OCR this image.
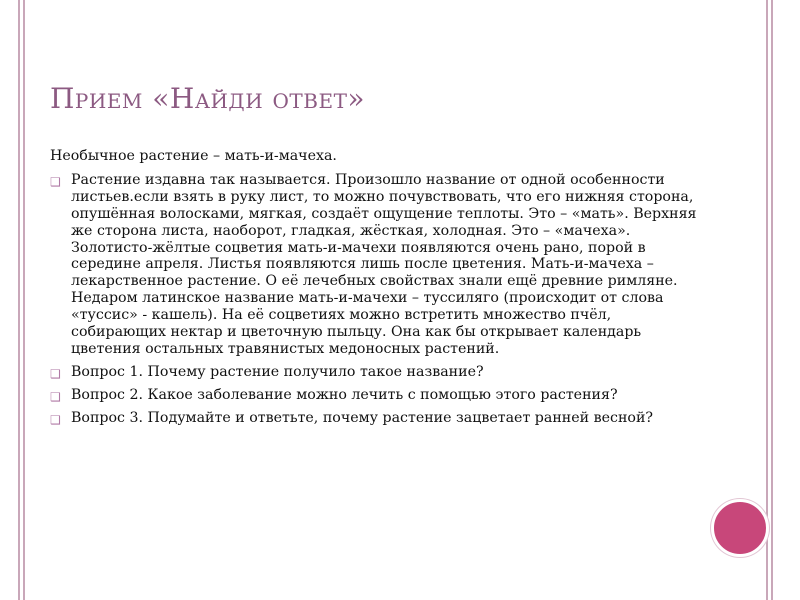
Прием «Найди ответ»

Необычное растение – мать-и-мачеха.

❑ Растение издавна так называется. Произошло название от одной особенности листьев.если взять в руку лист, то можно почувствовать, что его нижняя сторона, опушённая волосками, мягкая, создаёт ощущение теплоты. Это – «мать». Верхняя же сторона листа, наоборот, гладкая, жёсткая, холодная. Это – «мачеха». Золотисто-жёлтые соцветия мать-и-мачехи появляются очень рано, порой в середине апреля. Листья появляются лишь после цветения. Мать-и-мачеха – лекарственное растение. О её лечебных свойствах знали ещё древние римляне. Недаром латинское название мать-и-мачехи – туссиляго (происходит от слова «туссис» - кашель). На её соцветиях можно встретить множество пчёл, собирающих нектар и цветочную пыльцу. Она как бы открывает календарь цветения остальных травянистых медоносных растений.
❑ Вопрос 1. Почему растение получило такое название?
❑ Вопрос 2. Какое заболевание можно лечить с помощью этого растения?
❑ Вопрос 3. Подумайте и ответьте, почему растение зацветает ранней весной?
